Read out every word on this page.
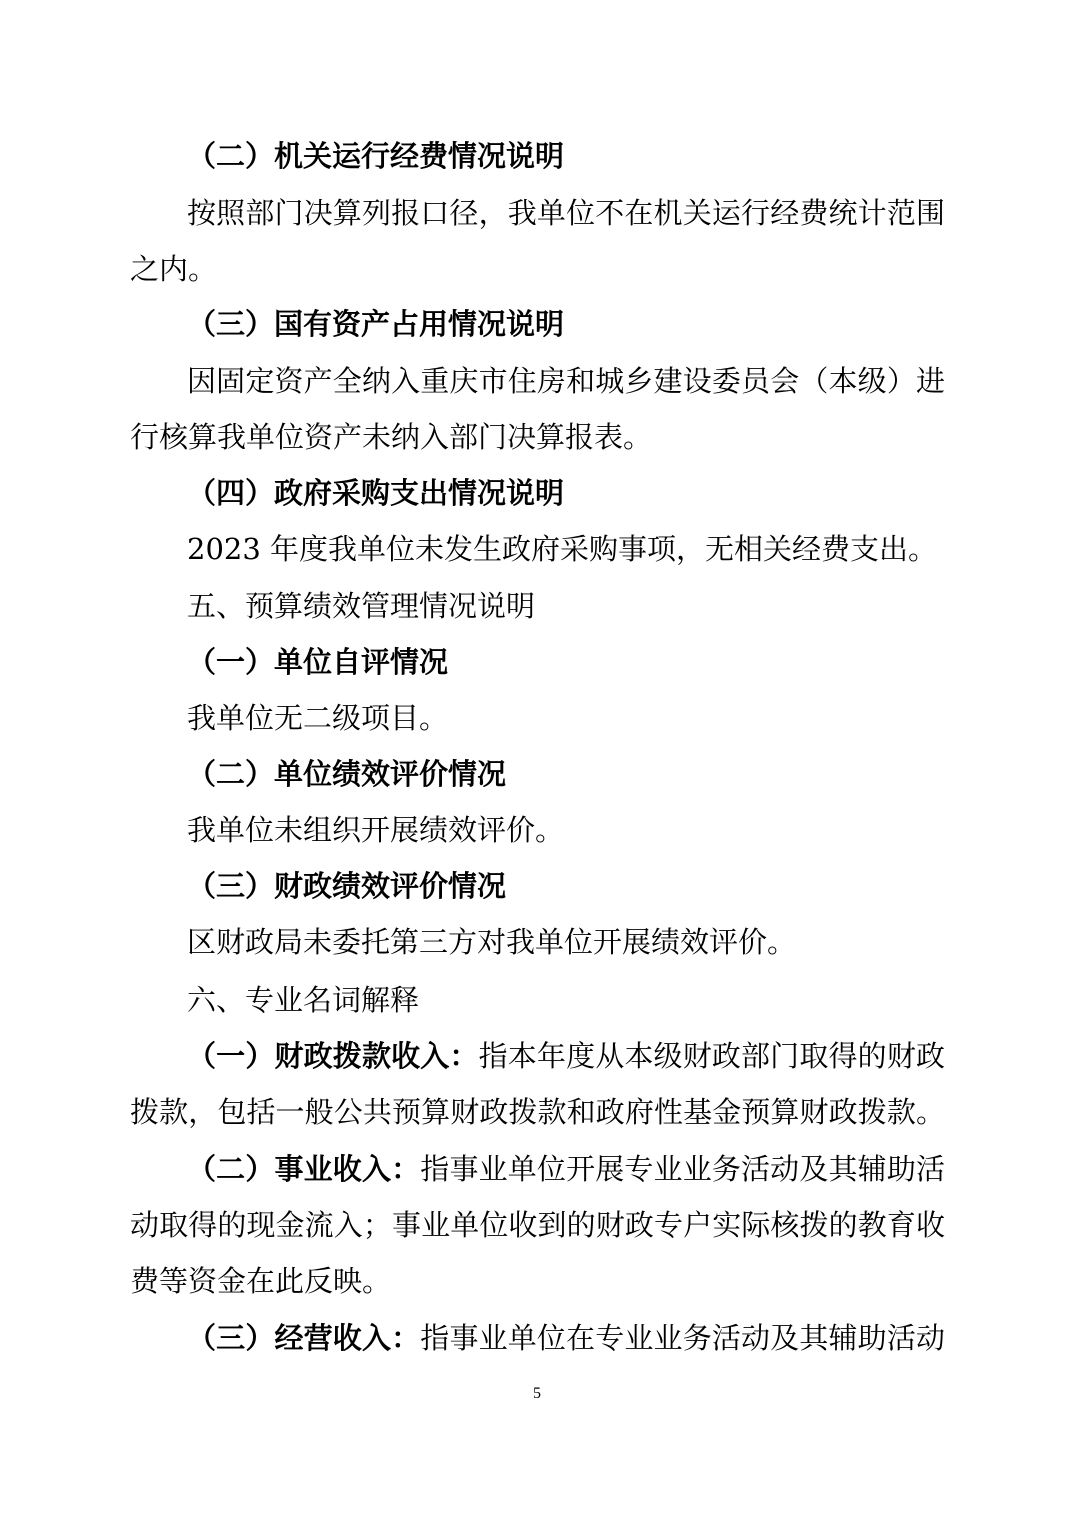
（二）机关运行经费情况说明
按照部门决算列报口径，我单位不在机关运行经费统计范围
之内。
（三）国有资产占用情况说明
因固定资产全纳入重庆市住房和城乡建设委员会（本级）进
行核算我单位资产未纳入部门决算报表。
（四）政府采购支出情况说明
2023 年度我单位未发生政府采购事项，无相关经费支出。
五、预算绩效管理情况说明
（一）单位自评情况
我单位无二级项目。
（二）单位绩效评价情况
我单位未组织开展绩效评价。
（三）财政绩效评价情况
区财政局未委托第三方对我单位开展绩效评价。
六、专业名词解释
（一）财政拨款收入：指本年度从本级财政部门取得的财政
拨款，包括一般公共预算财政拨款和政府性基金预算财政拨款。
（二）事业收入：指事业单位开展专业业务活动及其辅助活
动取得的现金流入；事业单位收到的财政专户实际核拨的教育收
费等资金在此反映。
（三）经营收入：指事业单位在专业业务活动及其辅助活动
5
